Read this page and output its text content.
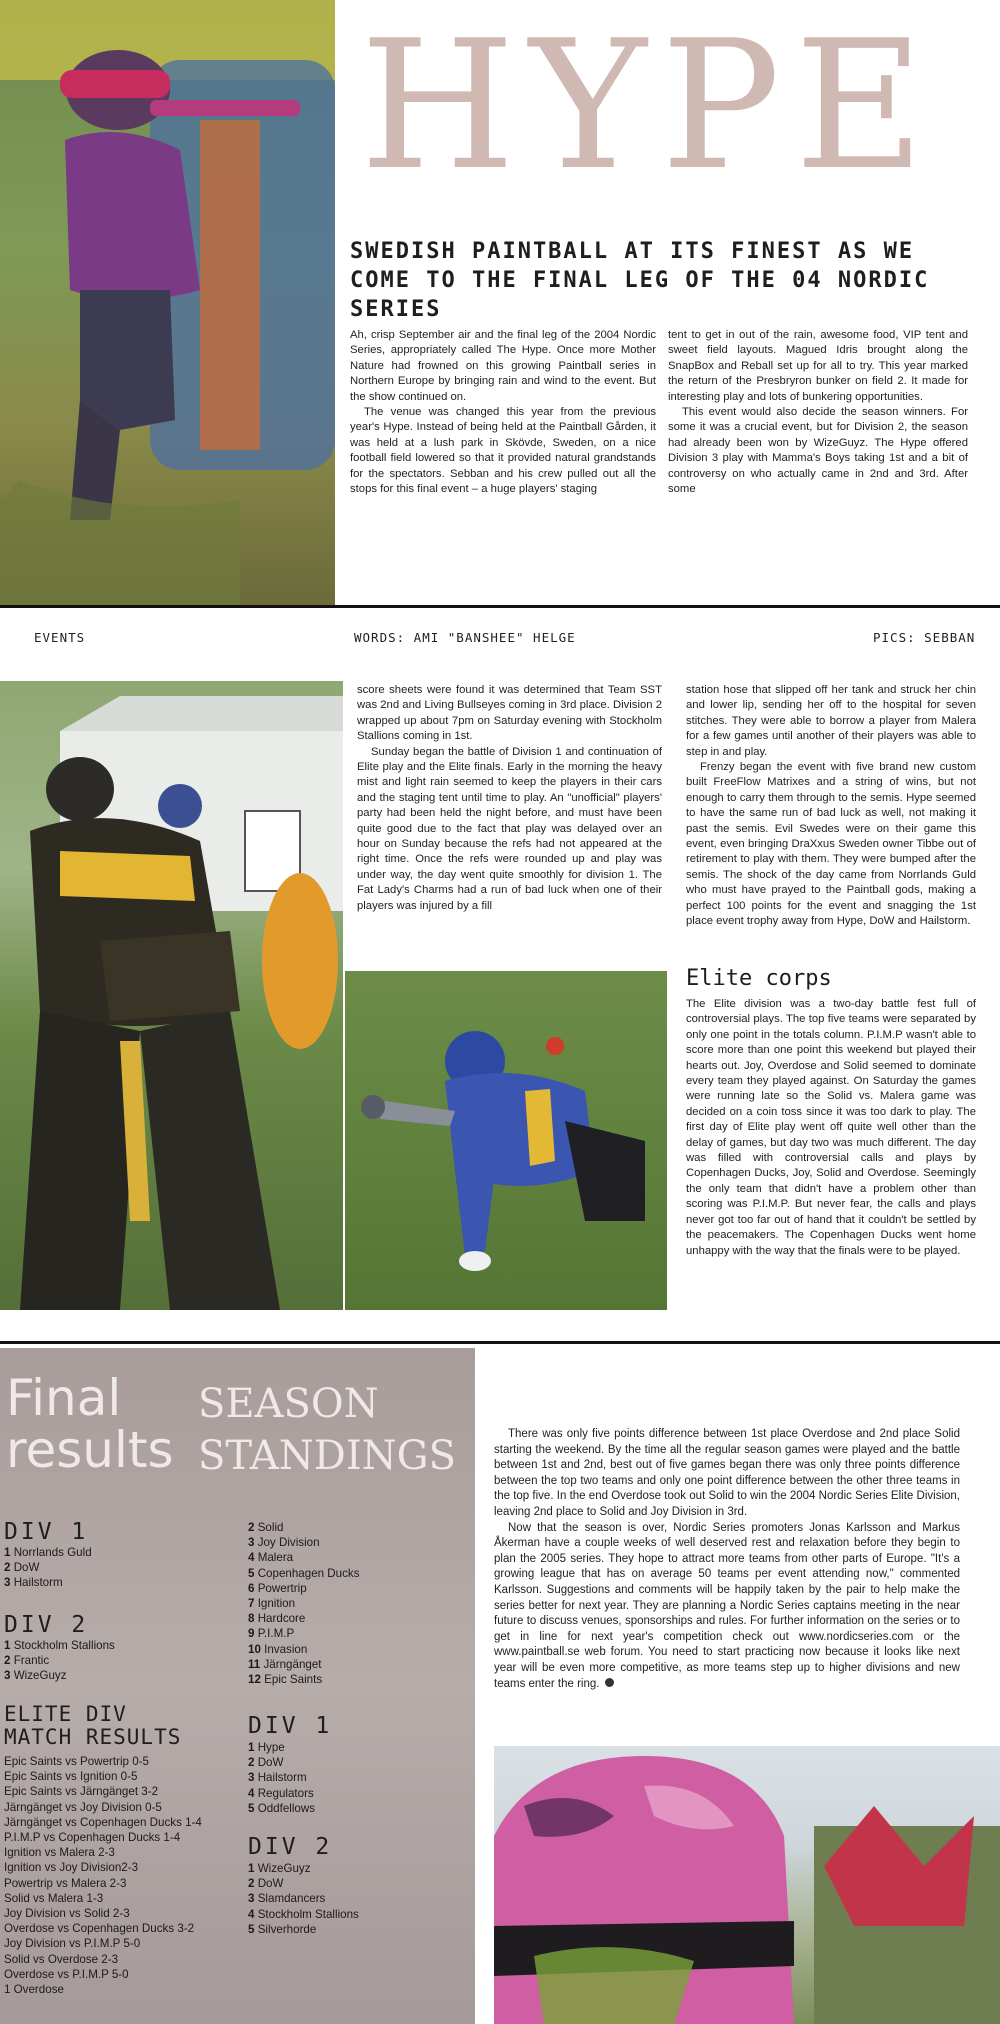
HYPE
SWEDISH PAINTBALL AT ITS FINEST AS WE COME TO THE FINAL LEG OF THE 04 NORDIC SERIES

Ah, crisp September air and the final leg of the 2004 Nordic Series, appropriately called The Hype. Once more Mother Nature had frowned on this growing Paintball series in Northern Europe by bringing rain and wind to the event. But the show continued on.

The venue was changed this year from the previous year's Hype. Instead of being held at the Paintball Gården, it was held at a lush park in Skövde, Sweden, on a nice football field lowered so that it provided natural grandstands for the spectators. Sebban and his crew pulled out all the stops for this final event – a huge players' staging

tent to get in out of the rain, awesome food, VIP tent and sweet field layouts. Magued Idris brought along the SnapBox and Reball set up for all to try. This year marked the return of the Presbryron bunker on field 2. It made for interesting play and lots of bunkering opportunities.

This event would also decide the season winners. For some it was a crucial event, but for Division 2, the season had already been won by WizeGuyz. The Hype offered Division 3 play with Mamma's Boys taking 1st and a bit of controversy on who actually came in 2nd and 3rd. After some

EVENTS	WORDS: AMI "BANSHEE" HELGE	PICS: SEBBAN

score sheets were found it was determined that Team SST was 2nd and Living Bullseyes coming in 3rd place. Division 2 wrapped up about 7pm on Saturday evening with Stockholm Stallions coming in 1st.

Sunday began the battle of Division 1 and continuation of Elite play and the Elite finals. Early in the morning the heavy mist and light rain seemed to keep the players in their cars and the staging tent until time to play. An "unofficial" players' party had been held the night before, and must have been quite good due to the fact that play was delayed over an hour on Sunday because the refs had not appeared at the right time. Once the refs were rounded up and play was under way, the day went quite smoothly for division 1. The Fat Lady's Charms had a run of bad luck when one of their players was injured by a fill

station hose that slipped off her tank and struck her chin and lower lip, sending her off to the hospital for seven stitches. They were able to borrow a player from Malera for a few games until another of their players was able to step in and play.

Frenzy began the event with five brand new custom built FreeFlow Matrixes and a string of wins, but not enough to carry them through to the semis. Hype seemed to have the same run of bad luck as well, not making it past the semis. Evil Swedes were on their game this event, even bringing DraXxus Sweden owner Tibbe out of retirement to play with them. They were bumped after the semis. The shock of the day came from Norrlands Guld who must have prayed to the Paintball gods, making a perfect 100 points for the event and snagging the 1st place event trophy away from Hype, DoW and Hailstorm.

Elite corps

The Elite division was a two-day battle fest full of controversial plays. The top five teams were separated by only one point in the totals column. P.I.M.P wasn't able to score more than one point this weekend but played their hearts out. Joy, Overdose and Solid seemed to dominate every team they played against. On Saturday the games were running late so the Solid vs. Malera game was decided on a coin toss since it was too dark to play. The first day of Elite play went off quite well other than the delay of games, but day two was much different. The day was filled with controversial calls and plays by Copenhagen Ducks, Joy, Solid and Overdose. Seemingly the only team that didn't have a problem other than scoring was P.I.M.P. But never fear, the calls and plays never got too far out of hand that it couldn't be settled by the peacemakers. The Copenhagen Ducks went home unhappy with the way that the finals were to be played.

Final
results
SEASON
STANDINGS
DIV 1
1 Norrlands Guld
2 DoW
3 Hailstorm
DIV 2
1 Stockholm Stallions
2 Frantic
3 WizeGuyz
ELITE DIV
MATCH RESULTS
Epic Saints vs Powertrip 0-5
Epic Saints vs Ignition 0-5
Epic Saints vs Järngänget 3-2
Järngänget vs Joy Division 0-5
Järngänget vs Copenhagen Ducks 1-4
P.I.M.P vs Copenhagen Ducks 1-4
Ignition vs Malera 2-3
Ignition vs Joy Division2-3
Powertrip vs Malera 2-3
Solid vs Malera 1-3
Joy Division vs Solid 2-3
Overdose vs Copenhagen Ducks 3-2
Joy Division vs P.I.M.P 5-0
Solid vs Overdose 2-3
Overdose vs P.I.M.P 5-0
1 Overdose
2 Solid
3 Joy Division
4 Malera
5 Copenhagen Ducks
6 Powertrip
7 Ignition
8 Hardcore
9 P.I.M.P
10 Invasion
11 Järngänget
12 Epic Saints
DIV 1
1 Hype
2 DoW
3 Hailstorm
4 Regulators
5 Oddfellows
DIV 2
1 WizeGuyz
2 DoW
3 Slamdancers
4 Stockholm Stallions
5 Silverhorde

There was only five points difference between 1st place Overdose and 2nd place Solid starting the weekend. By the time all the regular season games were played and the battle between 1st and 2nd, best out of five games began there was only three points difference between the top two teams and only one point difference between the other three teams in the top five. In the end Overdose took out Solid to win the 2004 Nordic Series Elite Division, leaving 2nd place to Solid and Joy Division in 3rd.

Now that the season is over, Nordic Series promoters Jonas Karlsson and Markus Åkerman have a couple weeks of well deserved rest and relaxation before they begin to plan the 2005 series. They hope to attract more teams from other parts of Europe. "It's a growing league that has on average 50 teams per event attending now," commented Karlsson. Suggestions and comments will be happily taken by the pair to help make the series better for next year. They are planning a Nordic Series captains meeting in the near future to discuss venues, sponsorships and rules. For further information on the series or to get in line for next year's competition check out www.nordicseries.com or the www.paintball.se web forum. You need to start practicing now because it looks like next year will be even more competitive, as more teams step up to higher divisions and new teams enter the ring.
